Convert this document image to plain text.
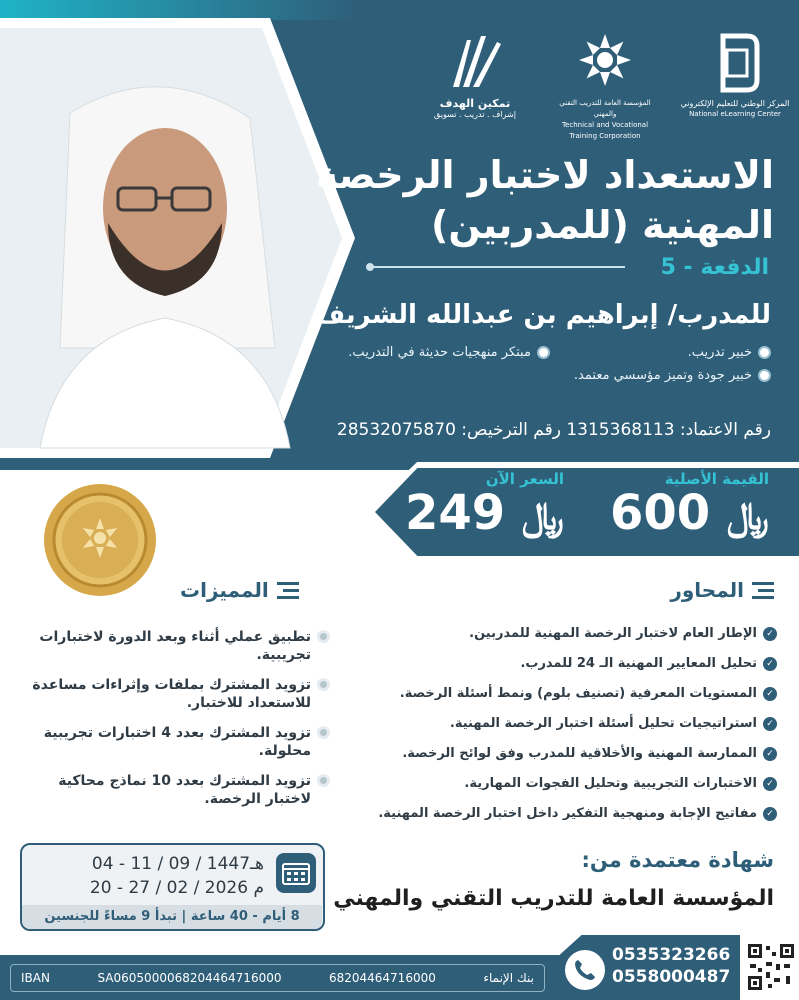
تمكين الهدف
إشراف . تدريب . تسويق
المؤسسة العامة للتدريب التقني والمهني
Technical and Vocational Training Corporation
المركز الوطني للتعليم الإلكتروني
National eLearning Center
الاستعداد لاختبار الرخصة
المهنية (للمدربين)
الدفعة - 5
للمدرب/ إبراهيم بن عبدالله الشريف
خبير تدريب.
مبتكر منهجيات حديثة في التدريب.
خبير جودة وتميز مؤسسي معتمد.
رقم الاعتماد: 1315368113 رقم الترخيص: 28532075870
القيمة الأصلية
﷼ 600
السعر الآن
﷼ 249
المحاور
✓
الإطار العام لاختبار الرخصة المهنية للمدربين.
✓
تحليل المعايير المهنية الـ 24 للمدرب.
✓
المستويات المعرفية (تصنيف بلوم) ونمط أسئلة الرخصة.
✓
استراتيجيات تحليل أسئلة اختبار الرخصة المهنية.
✓
الممارسة المهنية والأخلاقية للمدرب وفق لوائح الرخصة.
✓
الاختبارات التجريبية وتحليل الفجوات المهارية.
✓
مفاتيح الإجابة ومنهجية التفكير داخل اختبار الرخصة المهنية.
المميزات
تطبيق عملي أثناء وبعد الدورة لاختبارات تجريبية.
تزويد المشترك بملفات وإثراءات مساعدة للاستعداد للاختبار.
تزويد المشترك بعدد 4 اختبارات تجريبية محلولة.
تزويد المشترك بعدد 10 نماذج محاكية لاختبار الرخصة.
04 - 11 / 09 / 1447هـ
20 - 27 / 02 / 2026 م
8 أيام - 40 ساعة | تبدأ 9 مساءً للجنسين
شهادة معتمدة من:
المؤسسة العامة للتدريب التقني والمهني
بنك الإنماء
68204464716000
SA0605000068204464716000
IBAN
0535323266
0558000487
